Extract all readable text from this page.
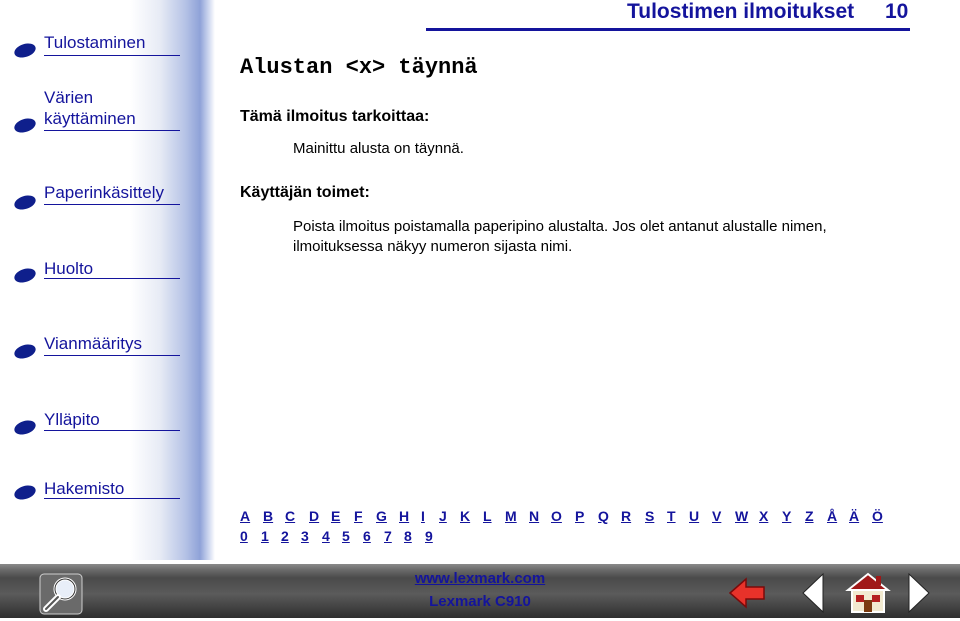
Tulostaminen
Värien
käyttäminen
Paperinkäsittely
Huolto
Vianmääritys
Ylläpito
Hakemisto
Tulostimen ilmoitukset 10
Alustan <x> täynnä
Tämä ilmoitus tarkoittaa:
Mainittu alusta on täynnä.
Käyttäjän toimet:
Poista ilmoitus poistamalla paperipino alustalta. Jos olet antanut alustalle nimen,
ilmoituksessa näkyy numeron sijasta nimi.
A B C D E F G H I J K L M N O P Q R S T U V W X Y Z Å Ä Ö
0 1 2 3 4 5 6 7 8 9
www.lexmark.com
Lexmark C910
